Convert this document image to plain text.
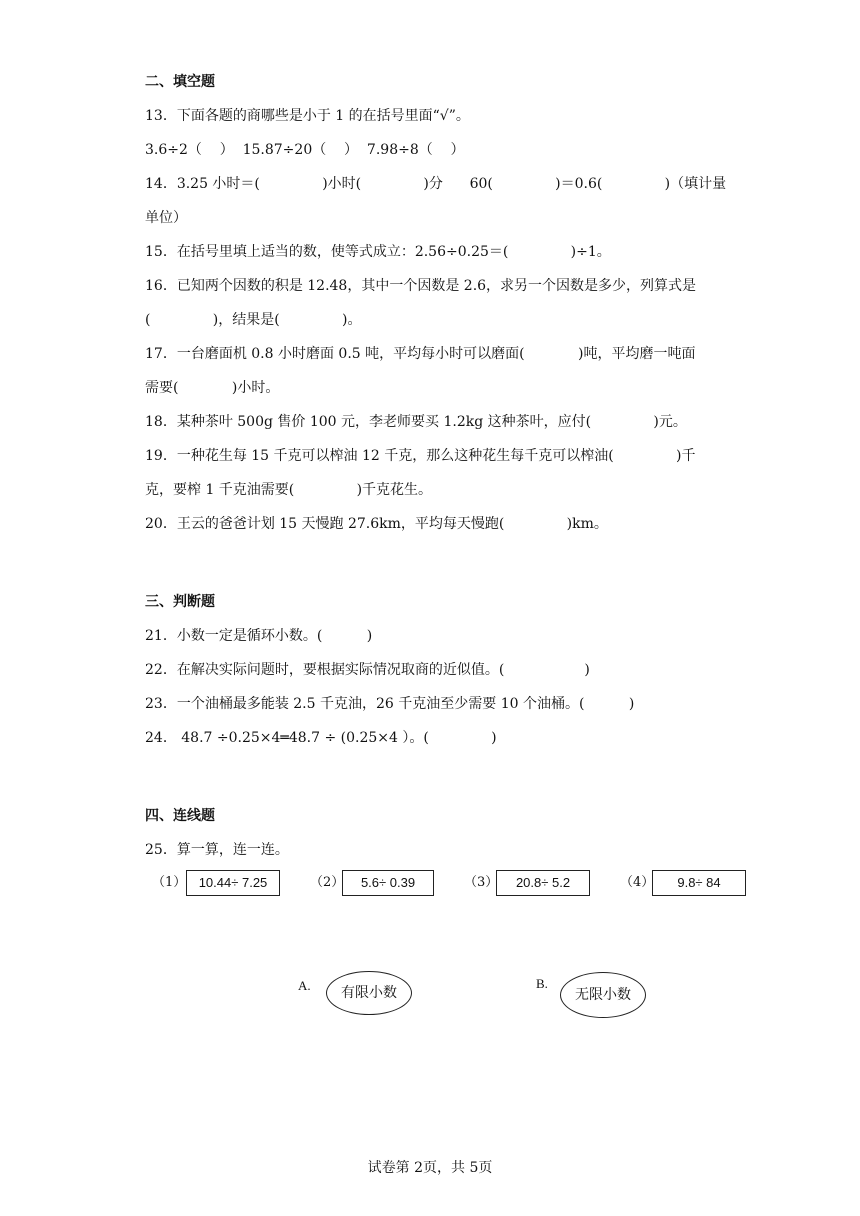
二、填空题
13．下面各题的商哪些是小于 1 的在括号里面“√”。
3.6÷2（    ）  15.87÷20（    ）  7.98÷8（    ）
14．3.25 小时＝(              )小时(              )分      60(              )＝0.6(              )（填计量
单位）
15．在括号里填上适当的数，使等式成立：2.56÷0.25＝(              )÷1。
16．已知两个因数的积是 12.48，其中一个因数是 2.6，求另一个因数是多少，列算式是
(              )，结果是(              )。
17．一台磨面机 0.8 小时磨面 0.5 吨，平均每小时可以磨面(            )吨，平均磨一吨面
需要(            )小时。
18．某种茶叶 500g 售价 100 元，李老师要买 1.2kg 这种茶叶，应付(              )元。
19．一种花生每 15 千克可以榨油 12 千克，那么这种花生每千克可以榨油(              )千
克，要榨 1 千克油需要(              )千克花生。
20．王云的爸爸计划 15 天慢跑 27.6km，平均每天慢跑(              )km。
三、判断题
21．小数一定是循环小数。(          )
22．在解决实际问题时，要根据实际情况取商的近似值。(                  )
23．一个油桶最多能装 2.5 千克油，26 千克油至少需要 10 个油桶。(          )
24． 48.7 ÷0.25×4═48.7 ÷ (0.25×4 ）。(              )
四、连线题
25．算一算，连一连。
（1） 10.44÷ 7.25	（2）	5.6÷ 0.39	（3）	20.8÷ 5.2	（4）	9.8÷ 84
A.	有限小数
B.
无限小数
试卷第 2页，共 5页
